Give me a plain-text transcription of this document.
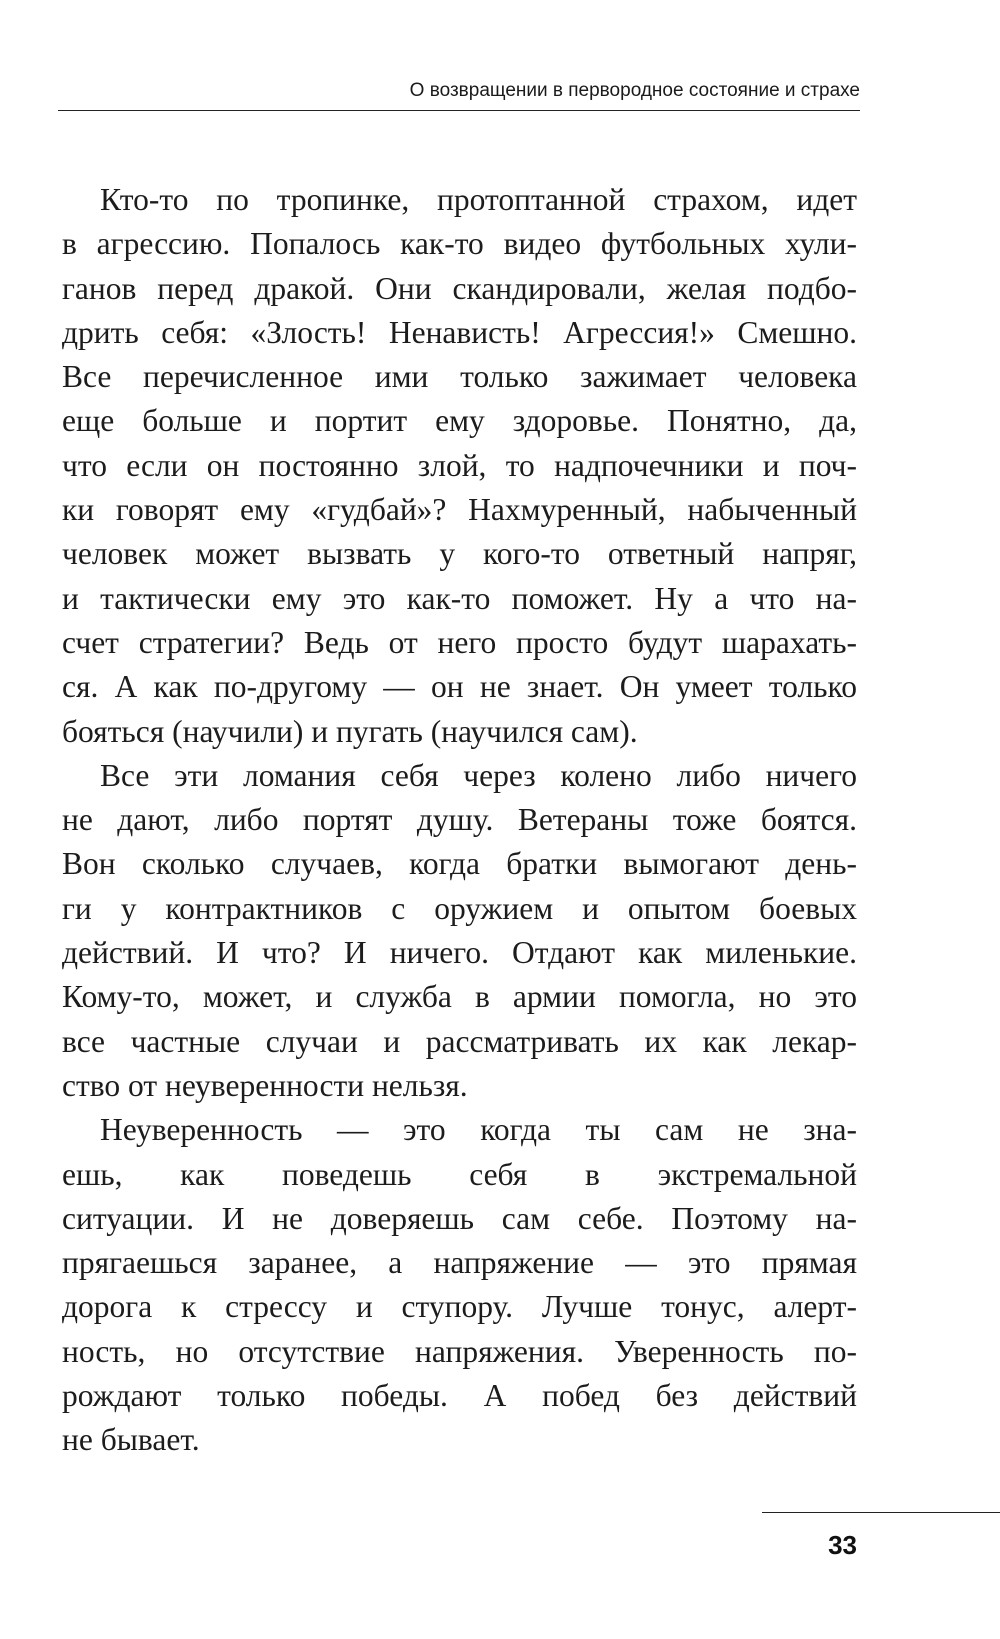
О возвращении в первородное состояние и страхе
Кто-то по тропинке, протоптанной страхом, идет
в агрессию. Попалось как-то видео футбольных хули-
ганов перед дракой. Они скандировали, желая подбо-
дрить себя: «Злость! Ненависть! Агрессия!» Смешно.
Все перечисленное ими только зажимает человека
еще больше и портит ему здоровье. Понятно, да,
что если он постоянно злой, то надпочечники и поч-
ки говорят ему «гудбай»? Нахмуренный, набыченный
человек может вызвать у кого-то ответный напряг,
и тактически ему это как-то поможет. Ну а что на-
счет стратегии? Ведь от него просто будут шарахать-
ся. А как по-другому — он не знает. Он умеет только
бояться (научили) и пугать (научился сам).
Все эти ломания себя через колено либо ничего
не дают, либо портят душу. Ветераны тоже боятся.
Вон сколько случаев, когда братки вымогают день-
ги у контрактников с оружием и опытом боевых
действий. И что? И ничего. Отдают как миленькие.
Кому-то, может, и служба в армии помогла, но это
все частные случаи и рассматривать их как лекар-
ство от неуверенности нельзя.
Неуверенность — это когда ты сам не зна-
ешь, как поведешь себя в экстремальной
ситуации. И не доверяешь сам себе. Поэтому на-
прягаешься заранее, а напряжение — это прямая
дорога к стрессу и ступору. Лучше тонус, алерт-
ность, но отсутствие напряжения. Уверенность по-
рождают только победы. А побед без действий
не бывает.
33
